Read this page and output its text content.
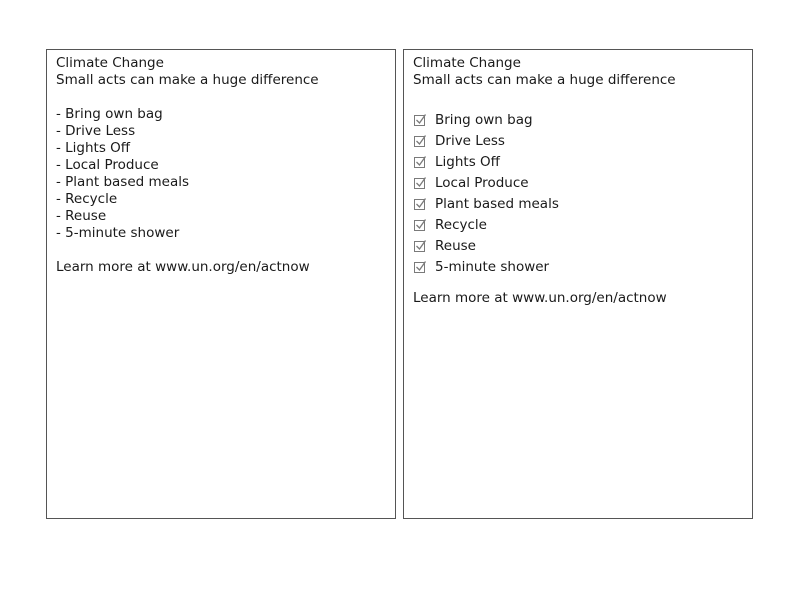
Climate Change
Small acts can make a huge difference
- Bring own bag
- Drive Less
- Lights Off
- Local Produce
- Plant based meals
- Recycle
- Reuse
- 5-minute shower
Learn more at www.un.org/en/actnow
Climate Change
Small acts can make a huge difference
Bring own bag
Drive Less
Lights Off
Local Produce
Plant based meals
Recycle
Reuse
5-minute shower
Learn more at www.un.org/en/actnow
